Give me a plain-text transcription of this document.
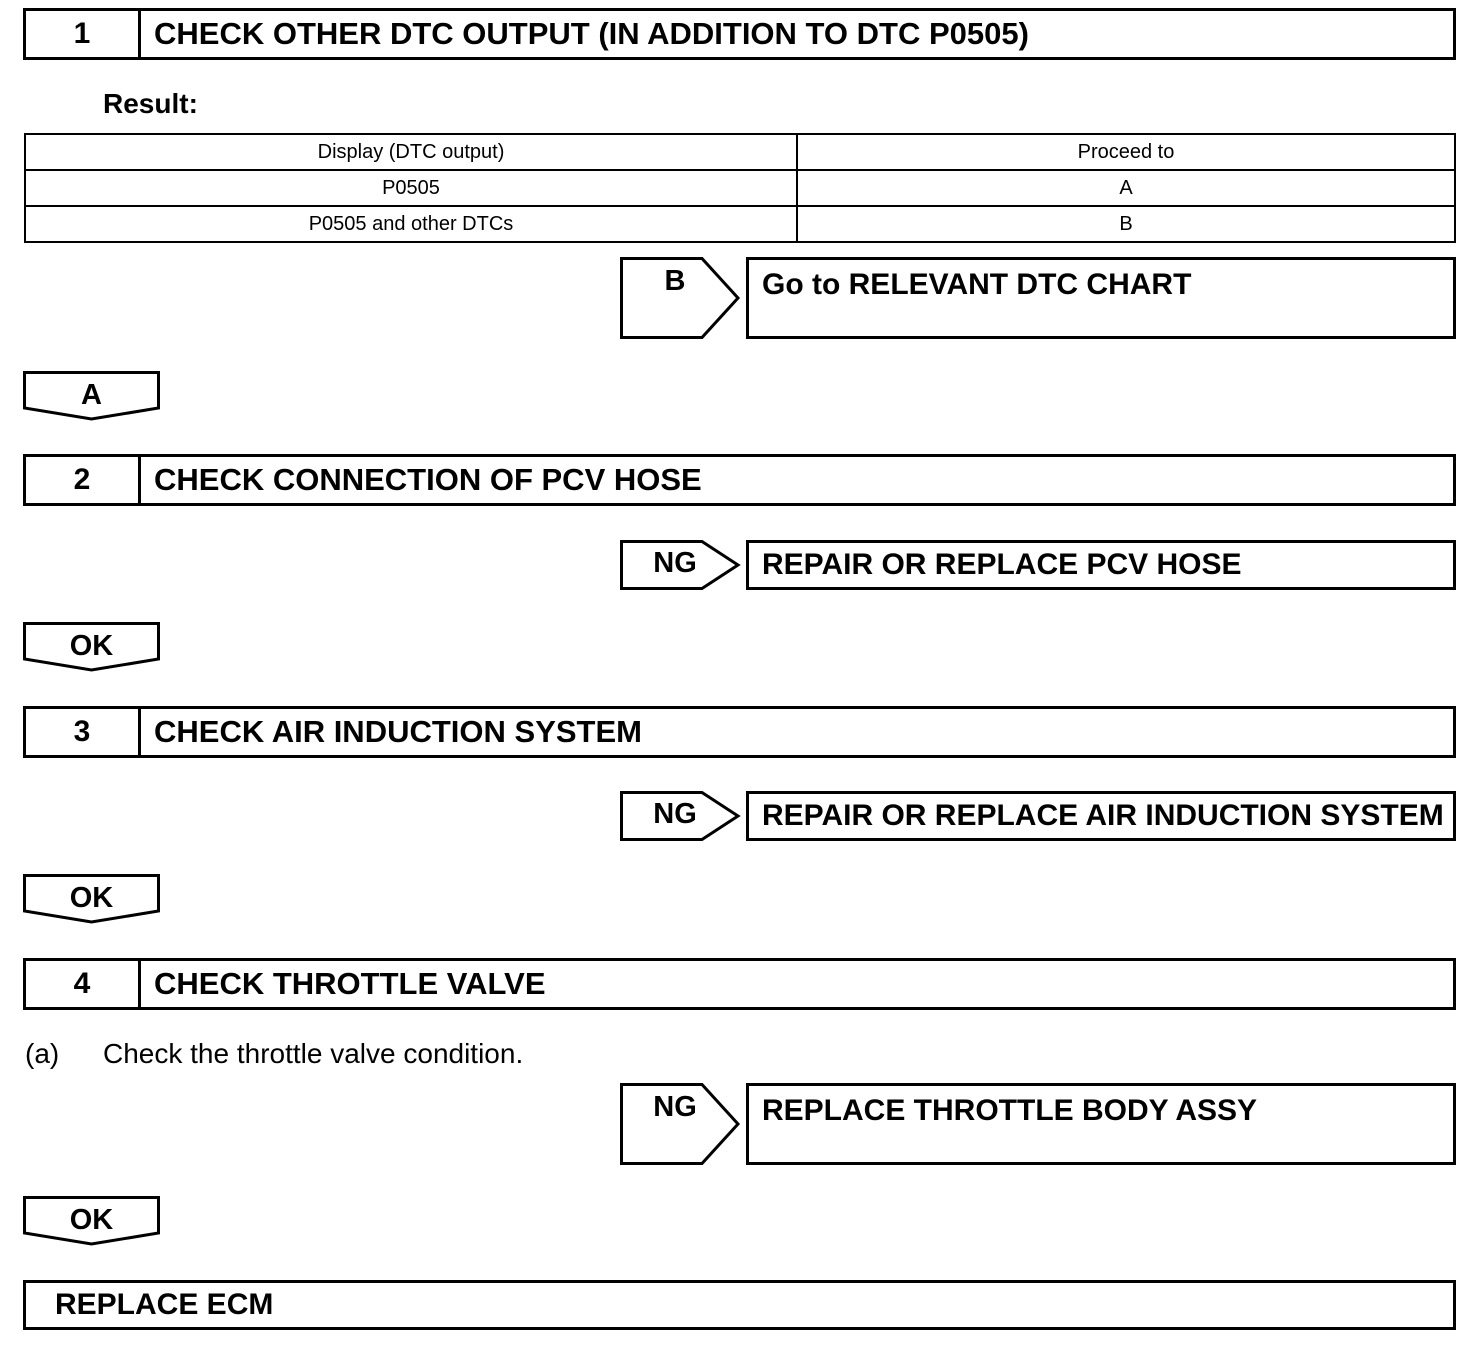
1	CHECK OTHER DTC OUTPUT (IN ADDITION TO DTC P0505)
Result:
Display (DTC output)	Proceed to
P0505	A
P0505 and other DTCs	B
B	Go to RELEVANT DTC CHART
A
2	CHECK CONNECTION OF PCV HOSE
NG	REPAIR OR REPLACE PCV HOSE
OK
3	CHECK AIR INDUCTION SYSTEM
NG	REPAIR OR REPLACE AIR INDUCTION SYSTEM
OK
4	CHECK THROTTLE VALVE
(a) Check the throttle valve condition.
NG	REPLACE THROTTLE BODY ASSY
OK
REPLACE ECM
